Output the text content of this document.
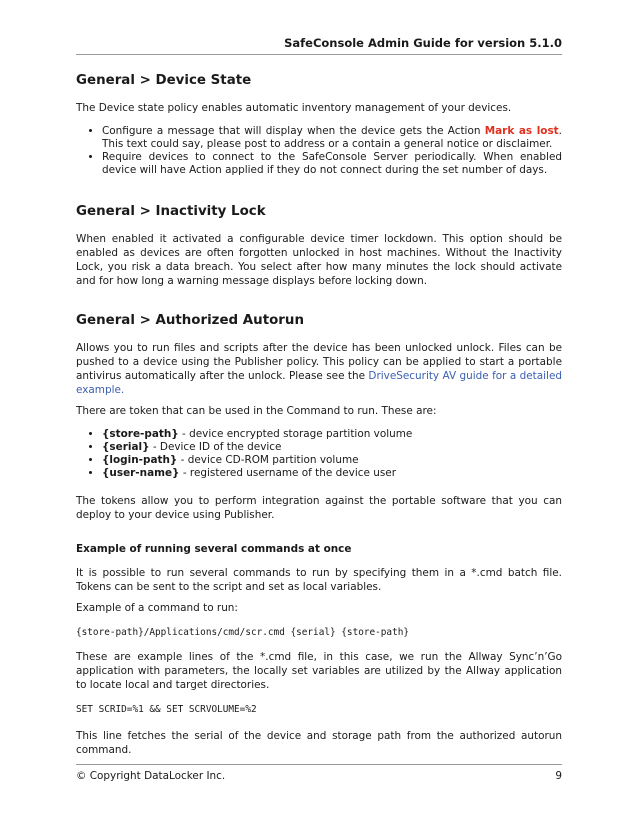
SafeConsole Admin Guide for version 5.1.0
General > Device State

The Device state policy enables automatic inventory management of your devices.

• Configure a message that will display when the device gets the Action Mark as lost. This text could say, please post to address or a contain a general notice or disclaimer.
• Require devices to connect to the SafeConsole Server periodically. When enabled device will have Action applied if they do not connect during the set number of days.
General > Inactivity Lock

When enabled it activated a configurable device timer lockdown. This option should be enabled as devices are often forgotten unlocked in host machines. Without the Inactivity Lock, you risk a data breach. You select after how many minutes the lock should activate and for how long a warning message displays before locking down.

General > Authorized Autorun

Allows you to run files and scripts after the device has been unlocked unlock. Files can be pushed to a device using the Publisher policy. This policy can be applied to start a portable antivirus automatically after the unlock. Please see the DriveSecurity AV guide for a detailed example.

There are token that can be used in the Command to run. These are:

• {store-path} - device encrypted storage partition volume
• {serial} - Device ID of the device
• {login-path} - device CD-ROM partition volume
• {user-name} - registered username of the device user

The tokens allow you to perform integration against the portable software that you can deploy to your device using Publisher.

Example of running several commands at once

It is possible to run several commands to run by specifying them in a *.cmd batch file. Tokens can be sent to the script and set as local variables.

Example of a command to run:

{store-path}/Applications/cmd/scr.cmd {serial} {store-path}

These are example lines of the *.cmd file, in this case, we run the Allway Sync’n’Go application with parameters, the locally set variables are utilized by the Allway application to locate local and target directories.

SET SCRID=%1 && SET SCRVOLUME=%2

This line fetches the serial of the device and storage path from the authorized autorun command.

© Copyright DataLocker Inc.	9
